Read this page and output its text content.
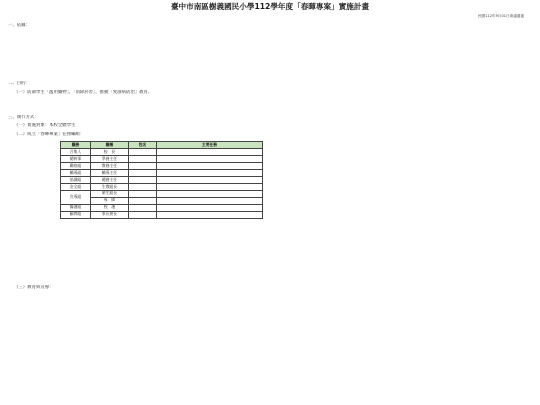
臺中市南區樹義國民小學112學年度「春暉專案」實施計畫
民國112年9月01日會議通過
一、依據：
二、目的：
（一）防制學生「濫用藥物」、「消除菸害」，推動「愛滋病防治」教育。
三、執行方式：
（一）實施對象：本校全體學生
（二）成立「春暉專案」任務編組：
職務	職稱	姓名	主要任務
召集人	校　長		
總幹事	學務主任		
聯絡組	教務主任		
輔導組	輔導主任		
協調組	總務主任		
安全組	生教組長		
宣導組	衛生組長		
	導　師		
醫護組	校　護		
顧問組	家長會長		
（三）教育與宣導：
